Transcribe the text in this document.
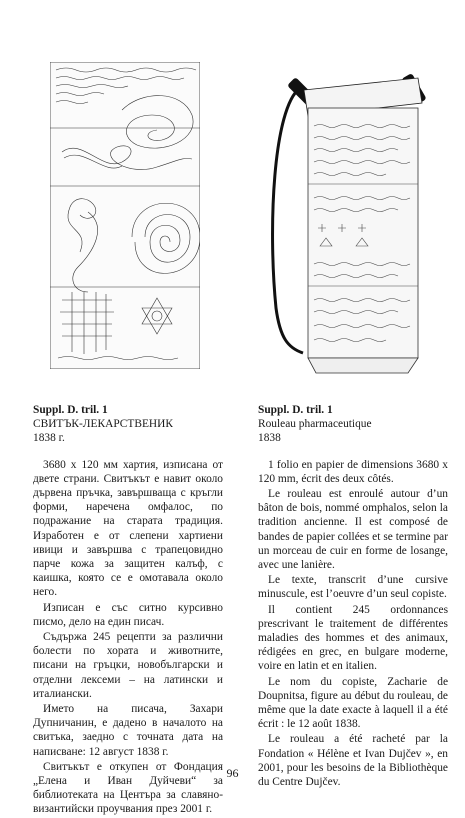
Suppl. D. tril. 1
СВИТЪК-ЛЕКАРСТВЕНИК
1838 г.

3680 х 120 мм хартия, изписана от двете страни. Свитъкът е навит около дървена пръчка, завършваща с кръгли форми, наречена омфалос, по подражание на старата традиция. Изработен е от слепени хартиени ивици и завършва с трапецовидно парче кожа за защитен калъф, с каишка, която се е омотавала около него.

Изписан е със ситно курсивно писмо, дело на един писач.

Съдържа 245 рецепти за различни болести по хората и животните, писани на гръцки, новобългарски и отделни лексеми – на латински и италиански.

Името на писача, Захари Дупничанин, е дадено в началото на свитъка, заедно с точната дата на написване: 12 август 1838 г.

Свитъкът е откупен от Фондация „Елена и Иван Дуйчеви“ за библиотеката на Центъра за славяно-византийски проучвания през 2001 г.

Suppl. D. tril. 1
Rouleau pharmaceutique
1838

1 folio en papier de dimensions 3680 x 120 mm, écrit des deux côtés.

Le rouleau est enroulé autour d’un bâton de bois, nommé omphalos, selon la tradition ancienne. Il est composé de bandes de papier collées et se termine par un morceau de cuir en forme de losange, avec une lanière.

Le texte, transcrit d’une cursive minuscule, est l’oeuvre d’un seul copiste.

Il contient 245 ordonnances prescrivant le traitement de différentes maladies des hommes et des animaux, rédigées en grec, en bulgare moderne, voire en latin et en italien.

Le nom du copiste, Zacharie de Doupnitsa, figure au début du rouleau, de même que la date exacte à laquell il a été écrit : le 12 août 1838.

Le rouleau a été racheté par la Fondation « Hélène et Ivan Dujčev », en 2001, pour les besoins de la Bibliothèque du Centre Dujčev.

96
